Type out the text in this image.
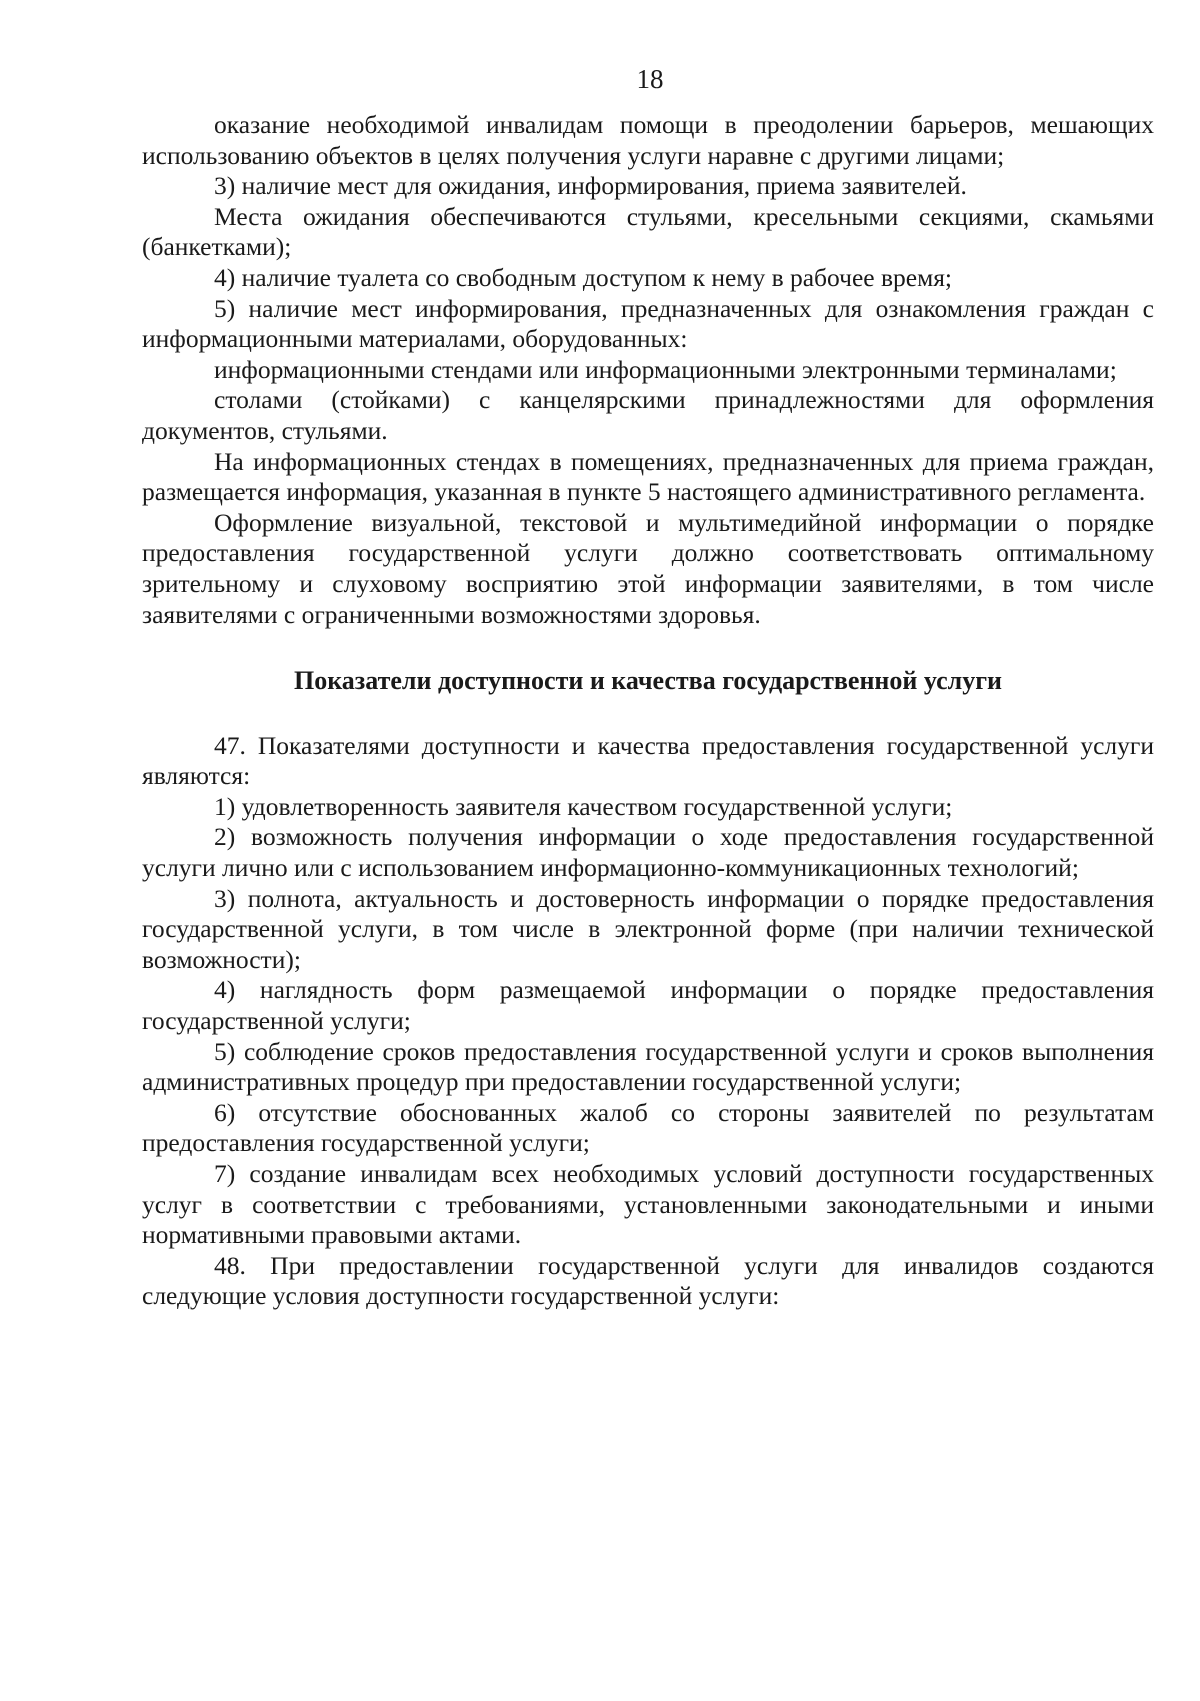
18

оказание необходимой инвалидам помощи в преодолении барьеров, мешающих использованию объектов в целях получения услуги наравне с другими лицами;

3) наличие мест для ожидания, информирования, приема заявителей.

Места ожидания обеспечиваются стульями, кресельными секциями, скамьями (банкетками);

4) наличие туалета со свободным доступом к нему в рабочее время;

5) наличие мест информирования, предназначенных для ознакомления граждан с информационными материалами, оборудованных:

информационными стендами или информационными электронными терминалами;

столами (стойками) с канцелярскими принадлежностями для оформления документов, стульями.

На информационных стендах в помещениях, предназначенных для приема граждан, размещается информация, указанная в пункте 5 настоящего административного регламента.

Оформление визуальной, текстовой и мультимедийной информации о порядке предоставления государственной услуги должно соответствовать оптимальному зрительному и слуховому восприятию этой информации заявителями, в том числе заявителями с ограниченными возможностями здоровья.

Показатели доступности и качества государственной услуги

47. Показателями доступности и качества предоставления государственной услуги являются:

1) удовлетворенность заявителя качеством государственной услуги;

2) возможность получения информации о ходе предоставления государственной услуги лично или с использованием информационно-коммуникационных технологий;

3) полнота, актуальность и достоверность информации о порядке предоставления государственной услуги, в том числе в электронной форме (при наличии технической возможности);

4) наглядность форм размещаемой информации о порядке предоставления государственной услуги;

5) соблюдение сроков предоставления государственной услуги и сроков выполнения административных процедур при предоставлении государственной услуги;

6) отсутствие обоснованных жалоб со стороны заявителей по результатам предоставления государственной услуги;

7) создание инвалидам всех необходимых условий доступности государственных услуг в соответствии с требованиями, установленными законодательными и иными нормативными правовыми актами.

48. При предоставлении государственной услуги для инвалидов создаются следующие условия доступности государственной услуги:
